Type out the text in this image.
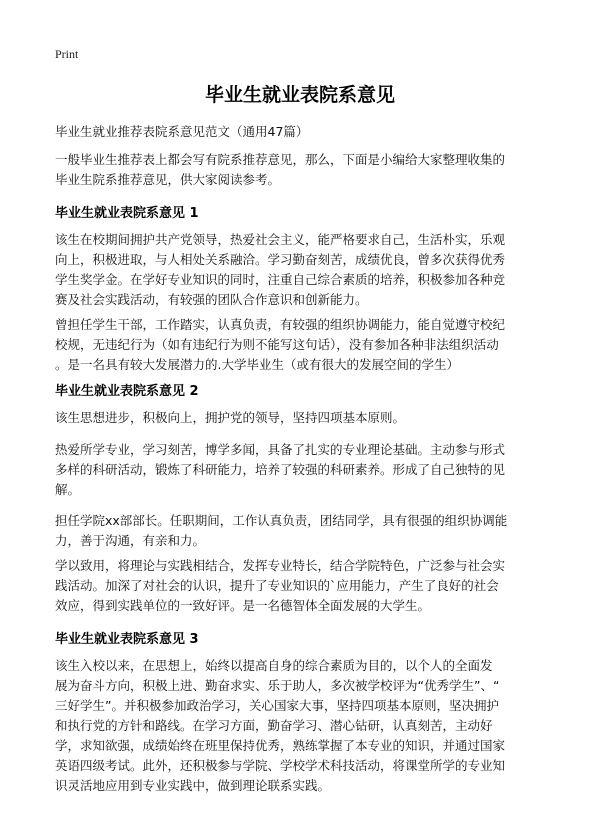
Print
毕业生就业表院系意见
毕业生就业推荐表院系意见范文（通用47篇）
一般毕业生推荐表上都会写有院系推荐意见，那么，下面是小编给大家整理收集的
毕业生院系推荐意见，供大家阅读参考。
毕业生就业表院系意见 1
该生在校期间拥护共产党领导，热爱社会主义，能严格要求自己，生活朴实，乐观
向上，积极进取，与人相处关系融洽。学习勤奋刻苦，成绩优良，曾多次获得优秀
学生奖学金。在学好专业知识的同时，注重自己综合素质的培养，积极参加各种竞
赛及社会实践活动，有较强的团队合作意识和创新能力。
曾担任学生干部，工作踏实，认真负责，有较强的组织协调能力，能自觉遵守校纪
校规，无违纪行为（如有违纪行为则不能写这句话），没有参加各种非法组织活动
。是一名具有较大发展潜力的.大学毕业生（或有很大的发展空间的学生）
毕业生就业表院系意见 2
该生思想进步，积极向上，拥护党的领导，坚持四项基本原则。
热爱所学专业，学习刻苦，博学多闻，具备了扎实的专业理论基础。主动参与形式
多样的科研活动，锻炼了科研能力，培养了较强的科研素养。形成了自己独特的见
解。
担任学院xx部部长。任职期间，工作认真负责，团结同学，具有很强的组织协调能
力，善于沟通，有亲和力。
学以致用，将理论与实践相结合，发挥专业特长，结合学院特色，广泛参与社会实
践活动。加深了对社会的认识，提升了专业知识的`应用能力，产生了良好的社会
效应，得到实践单位的一致好评。是一名德智体全面发展的大学生。
毕业生就业表院系意见 3
该生入校以来，在思想上，始终以提高自身的综合素质为目的，以个人的全面发
展为奋斗方向，积极上进、勤奋求实、乐于助人，多次被学校评为“优秀学生”、“
三好学生”。并积极参加政治学习，关心国家大事，坚持四项基本原则，坚决拥护
和执行党的方针和路线。在学习方面，勤奋学习、潜心钻研，认真刻苦，主动好
学，求知欲强，成绩始终在班里保持优秀，熟练掌握了本专业的知识，并通过国家
英语四级考试。此外，还积极参与学院、学校学术科技活动，将课堂所学的专业知
识灵活地应用到专业实践中，做到理论联系实践。
